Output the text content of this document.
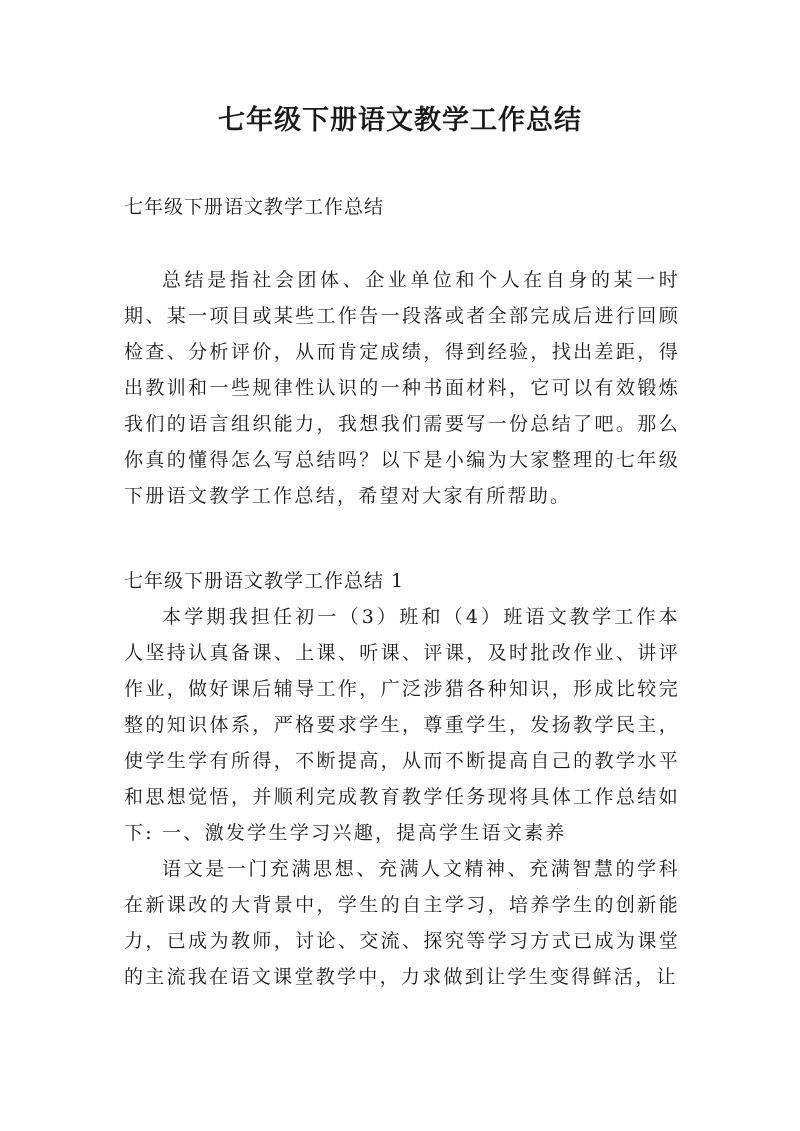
七年级下册语文教学工作总结

七年级下册语文教学工作总结

总结是指社会团体、企业单位和个人在自身的某一时期、某一项目或某些工作告一段落或者全部完成后进行回顾检查、分析评价，从而肯定成绩，得到经验，找出差距，得出教训和一些规律性认识的一种书面材料，它可以有效锻炼我们的语言组织能力，我想我们需要写一份总结了吧。那么你真的懂得怎么写总结吗？以下是小编为大家整理的七年级下册语文教学工作总结，希望对大家有所帮助。

七年级下册语文教学工作总结 1

本学期我担任初一（3）班和（4）班语文教学工作本人坚持认真备课、上课、听课、评课，及时批改作业、讲评作业，做好课后辅导工作，广泛涉猎各种知识，形成比较完整的知识体系，严格要求学生，尊重学生，发扬教学民主，使学生学有所得，不断提高，从而不断提高自己的教学水平和思想觉悟，并顺利完成教育教学任务现将具体工作总结如下: 一、激发学生学习兴趣，提高学生语文素养

语文是一门充满思想、充满人文精神、充满智慧的学科在新课改的大背景中，学生的自主学习，培养学生的创新能力，已成为教师，讨论、交流、探究等学习方式已成为课堂的主流我在语文课堂教学中，力求做到让学生变得鲜活，让
